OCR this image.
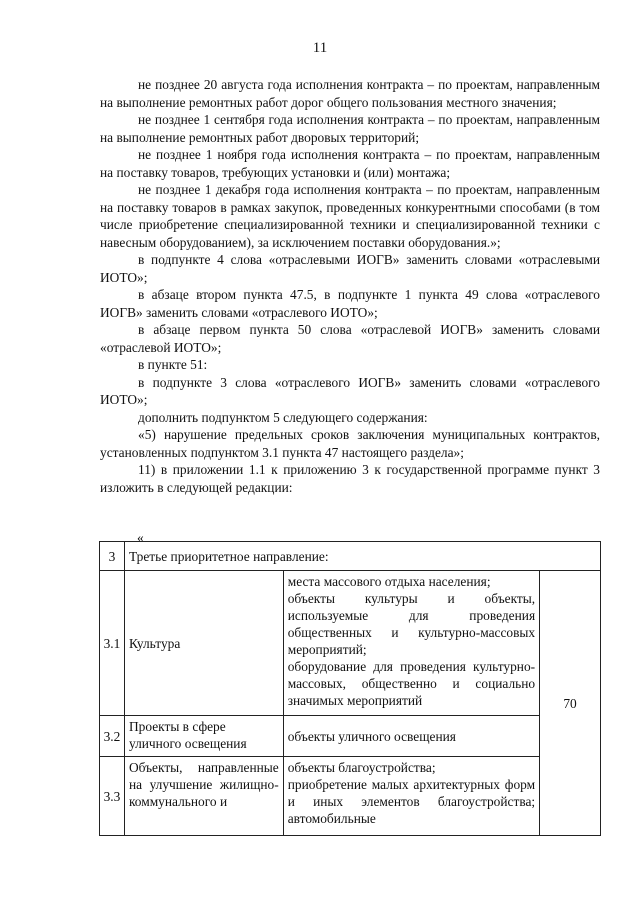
11

не позднее 20 августа года исполнения контракта – по проектам, направленным на выполнение ремонтных работ дорог общего пользования местного значения;

не позднее 1 сентября года исполнения контракта – по проектам, направленным на выполнение ремонтных работ дворовых территорий;

не позднее 1 ноября года исполнения контракта – по проектам, направленным на поставку товаров, требующих установки и (или) монтажа;

не позднее 1 декабря года исполнения контракта – по проектам, направленным на поставку товаров в рамках закупок, проведенных конкурентными способами (в том числе приобретение специализированной техники и специализированной техники с навесным оборудованием), за исключением поставки оборудования.»;

в подпункте 4 слова «отраслевыми ИОГВ» заменить словами «отраслевыми ИОТО»;

в абзаце втором пункта 47.5, в подпункте 1 пункта 49 слова «отраслевого ИОГВ» заменить словами «отраслевого ИОТО»;

в абзаце первом пункта 50 слова «отраслевой ИОГВ» заменить словами «отраслевой ИОТО»;

в пункте 51:

в подпункте 3 слова «отраслевого ИОГВ» заменить словами «отраслевого ИОТО»;

дополнить подпунктом 5 следующего содержания:

«5) нарушение предельных сроков заключения муниципальных контрактов, установленных подпунктом 3.1 пункта 47 настоящего раздела»;

11) в приложении 1.1 к приложению 3 к государственной программе пункт 3 изложить в следующей редакции:

«
3	Третье приоритетное направление:		
3.1	Культура	места массового отдыха населения;
объекты культуры и объекты, используемые для проведения общественных и культурно-массовых мероприятий;
оборудование для проведения культурно-массовых, общественно и социально значимых мероприятий	70
3.2	Проекты в сфере уличного освещения	объекты уличного освещения	

3.3	Объекты, направленные на улучшение жилищно-коммунального и	объекты благоустройства;
приобретение малых архитектурных форм и иных элементов благоустройства; автомобильные	
